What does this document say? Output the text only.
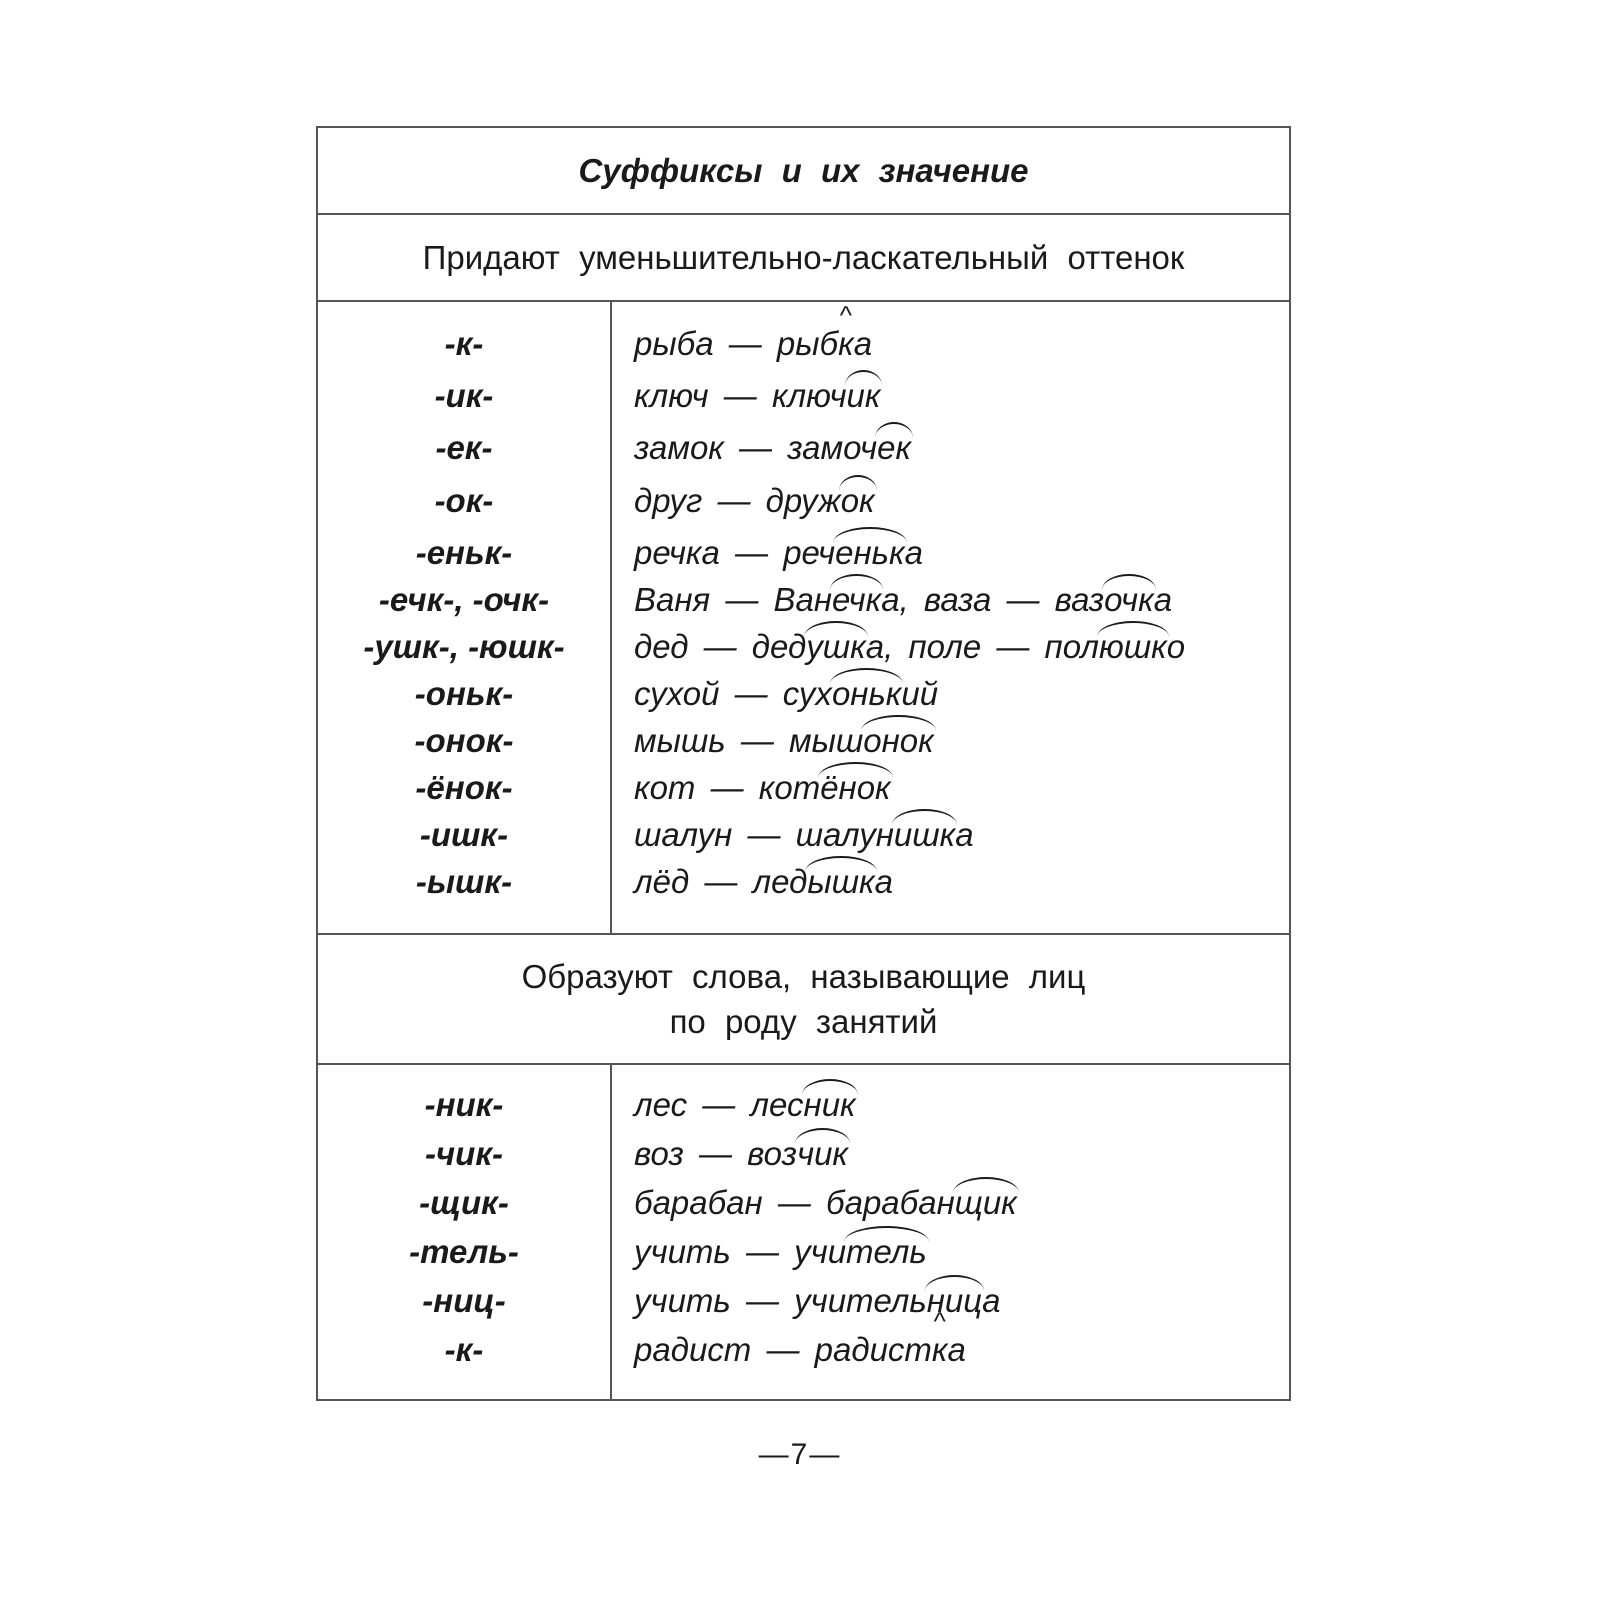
Суффиксы и их значение
Придают уменьшительно-ласкательный оттенок
-к-
-ик-
-ек-
-ок-
-еньк-
-ечк-, -очк-
-ушк-, -юшк-
-оньк-
-онок-
-ёнок-
-ишк-
-ышк-
рыба — рыб^ ка
ключ — ключик
замок — замочек
друг — дружок
речка — реченька
Ваня — Ванечка, ваза — вазочка
дед — дедушка, поле — полюшко
сухой — сухонький
мышь — мышонок
кот — котёнок
шалун — шалунишка
лёд — ледышка
Образуют слова, называющие лиц
по роду занятий
-ник-
-чик-
-щик-
-тель-
-ниц-
-к-
лес — лесник
воз — возчик
барабан — барабанщик
учить — учитель
учить — учительница
радист — радист^ ка
—7—
